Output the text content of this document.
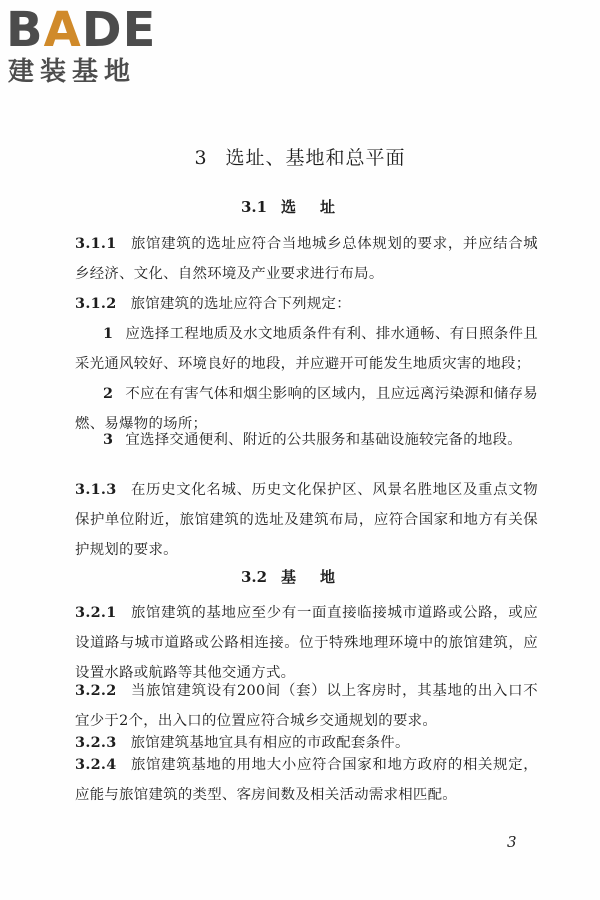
BADE
建装基地
3 选址、基地和总平面
3.1 选址
3.1.1 旅馆建筑的选址应符合当地城乡总体规划的要求，并应结合城乡经济、文化、自然环境及产业要求进行布局。
3.1.2 旅馆建筑的选址应符合下列规定：
1 应选择工程地质及水文地质条件有利、排水通畅、有日照条件且采光通风较好、环境良好的地段，并应避开可能发生地质灾害的地段；
2 不应在有害气体和烟尘影响的区域内，且应远离污染源和储存易燃、易爆物的场所；
3 宜选择交通便利、附近的公共服务和基础设施较完备的地段。
3.1.3 在历史文化名城、历史文化保护区、风景名胜地区及重点文物保护单位附近，旅馆建筑的选址及建筑布局，应符合国家和地方有关保护规划的要求。
3.2 基地
3.2.1 旅馆建筑的基地应至少有一面直接临接城市道路或公路，或应设道路与城市道路或公路相连接。位于特殊地理环境中的旅馆建筑，应设置水路或航路等其他交通方式。
3.2.2 当旅馆建筑设有200间（套）以上客房时，其基地的出入口不宜少于2个，出入口的位置应符合城乡交通规划的要求。
3.2.3 旅馆建筑基地宜具有相应的市政配套条件。
3.2.4 旅馆建筑基地的用地大小应符合国家和地方政府的相关规定，应能与旅馆建筑的类型、客房间数及相关活动需求相匹配。
3
